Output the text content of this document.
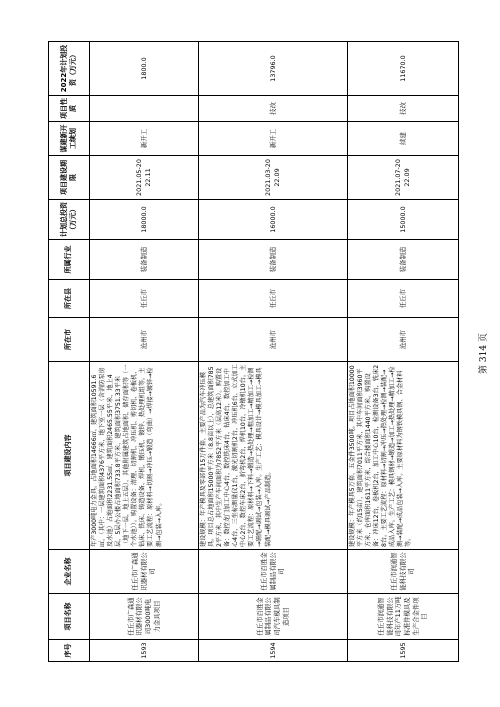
序号	项目名称	企业名称	项目建设内容	所在市	所在县	所属行业	计划总投资（万元）	项目建设期限	谋建新开工续划	项目性质	2022年计划投资（万元）
1593	任丘市广森通讯器材有限公司3000吨电力金具项目	任丘市广森通讯器材有限公司	年产3000吨电力金具。占地面积14666㎡，建筑面积10591.6㎡。（其中：一层建筑面积4376平方米，地下室一层（含消防泵房及水池）占地面积2231.55㎡，建筑面积2465.55平米，地上4层，5层办公楼占地面积733.8平方米，建筑面积3751.33平米（地下一层，地上五层），其他附属建筑占地面积，储存面积等（一个水池））。购置设备：清理、切割机、冲压机、剪切机、卷板机、钻床、铣床、铸造设备、焊机、锻压机、镀锌、热处理机组等。主要工艺流程：原材料→切割→冲压→锻造（弯曲）→焊接→镀锌→检测→包装→入库。	沧州市	任丘市	装备制造	18000.0	2021.05-2022.11	新开工		1800.0
1594	任丘市百胜金属制品有限公司汽车模具制造项目	任丘市百胜金属制品有限公司	建设规模：年产模具及零部件15万件套，主要产品为汽车冲压模具。项目总占地面积15000平方米（8.8亩以上），总建筑面积7852平方米，其中生产车间面积为7852平方米（层高12米）。购置设备：数控龙门加工中心4台，数控铣床4台，钻床4台，数控加工中心4台，三坐标测量仪1台，激光切割机2台，冲压机6台，立式加工中心2台，数控车床2台，折弯机2台，焊机10台，冷镦机10台。主要工艺流程：原材料→下料→锻造→热处理→粗加工→精加工→检测→研配→调试→包装→入库。生产工艺：模具设计→模具加工→模具装配→模具调试→产品制造。	沧州市	任丘市	装备制造	16000.0	2021.03-2022.09	新开工	技改	13796.0
1595	任丘市润通智能科技有限公司年产11万吨标准件模具及生产合金件项目	任丘市润通智能科技有限公司	建设规模：年产模具5万套，五金件3500吨。项目占地面积10000平方米（约15亩），建筑面积7011平方米，其中车间面积3960平方米，仓库面积1611平方米，综合楼面积1440平方米。购置设备：冲床12台，卷板机2台，加工中心10台，检测设备3台，铣床28台。主要工艺流程：原材料→切割→冲压→热处理→检测→装配→成品入库。生产工艺：模具钢材→锻造→加工→热处理→精加工→检测→装配→成品包装→入库。主要原材料为钢铁模具钢、合金材料等。	沧州市	任丘市	装备制造	15000.0	2021.07-2022.09	续建	技改	11670.0
第 314 页
